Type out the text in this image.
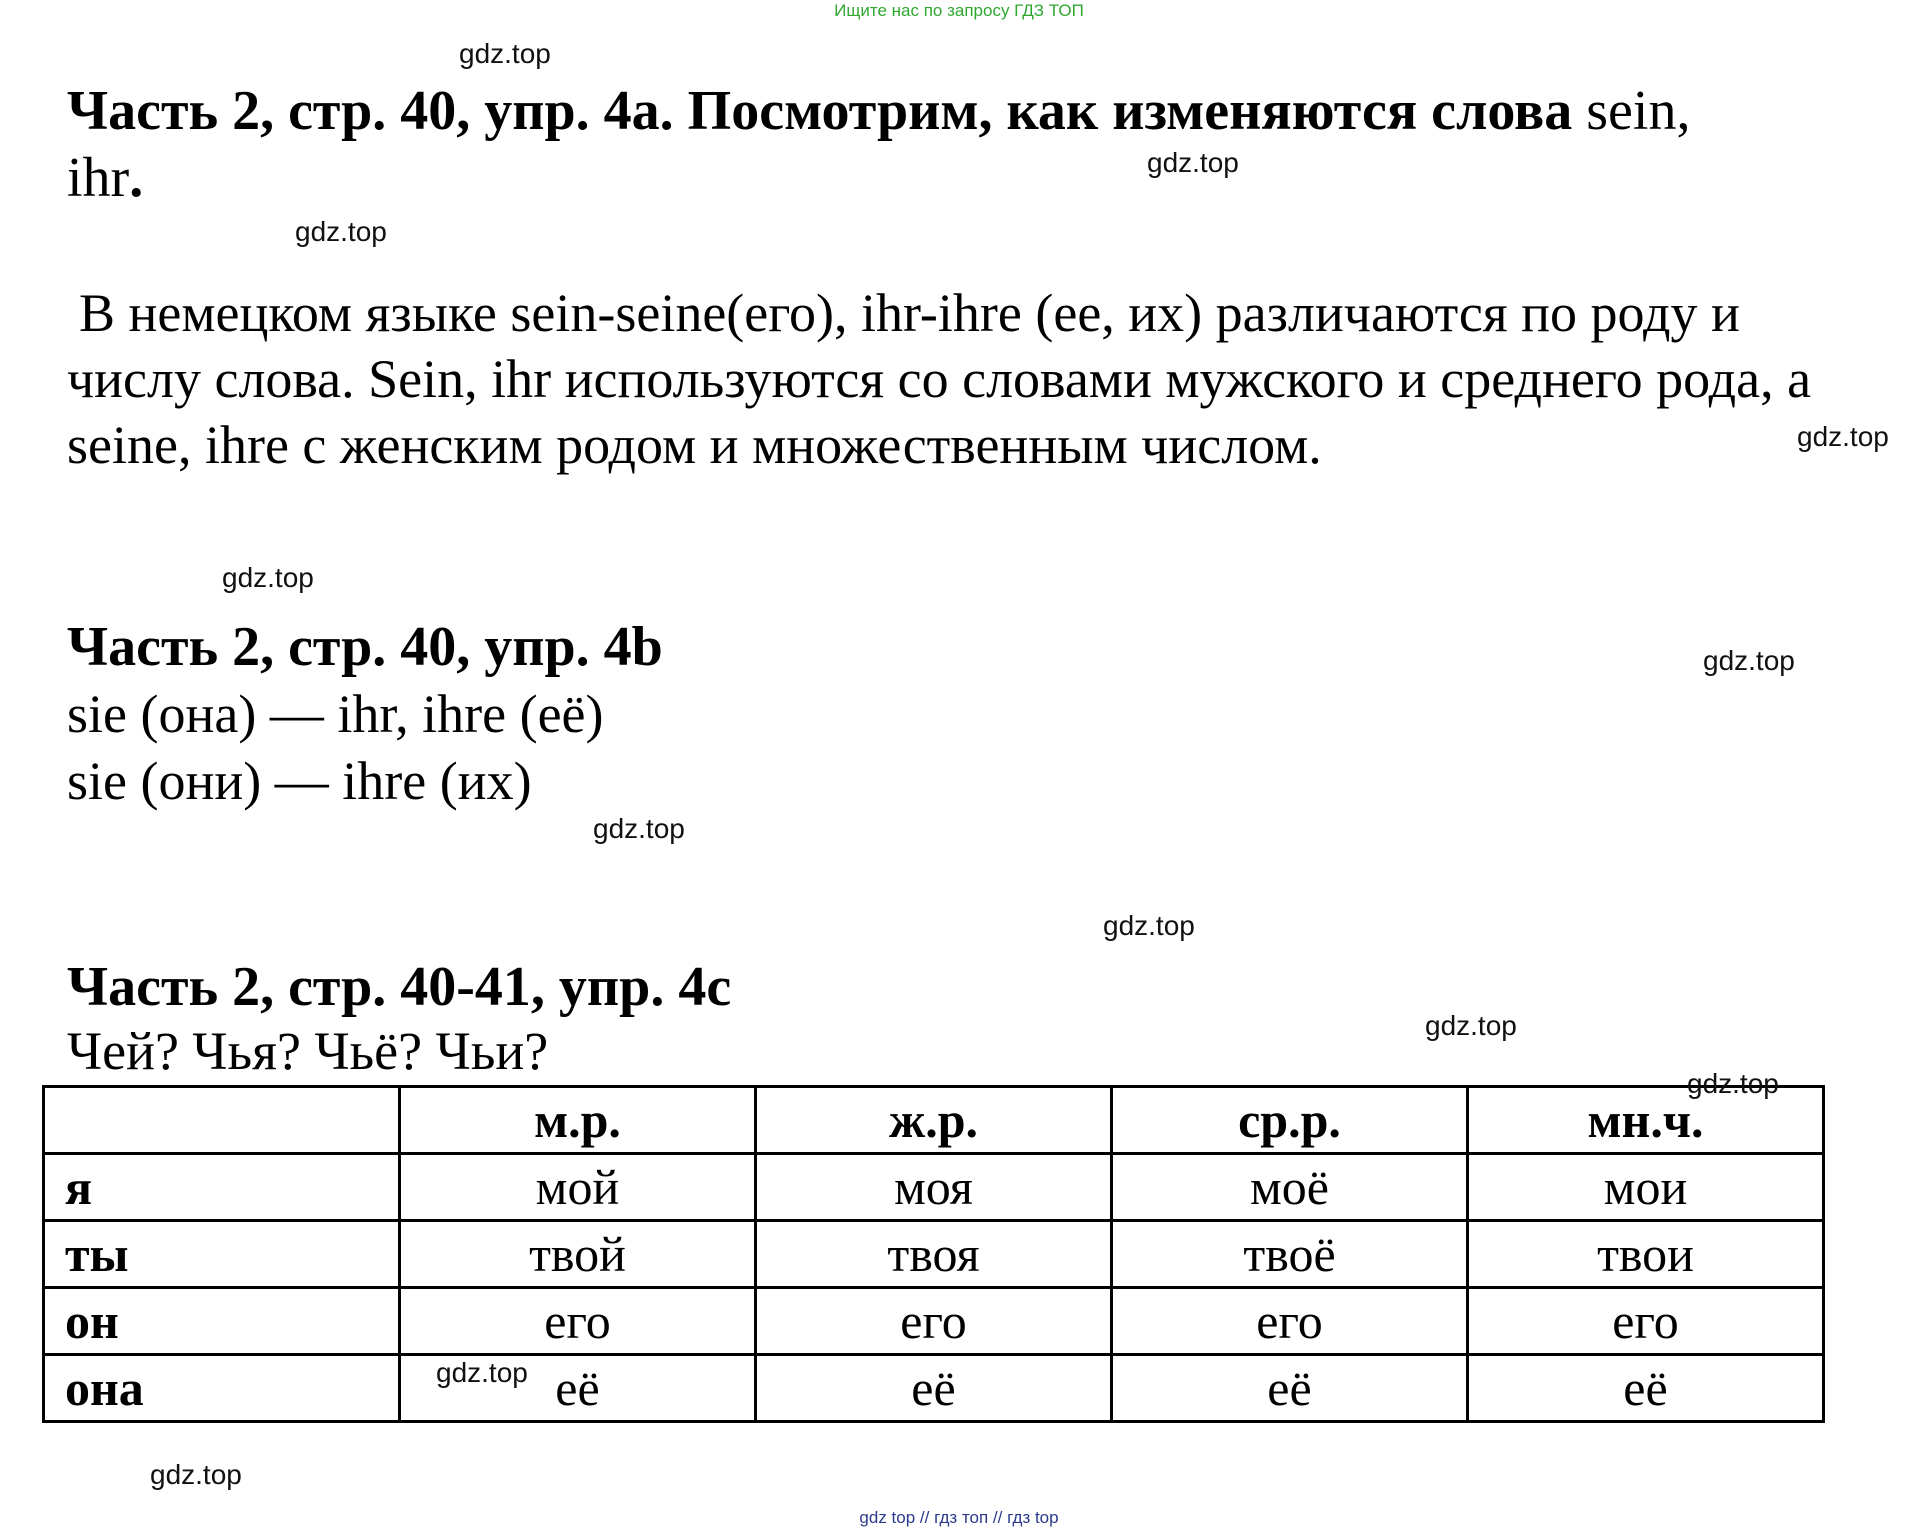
Ищите нас по запросу ГДЗ ТОП
Часть 2, стр. 40, упр. 4а. Посмотрим, как изменяются слова sein,
ihr.
В немецком языке sein-seine(его), ihr-ihre (ее, их) различаются по роду и числу слова. Sein, ihr используются со словами мужского и среднего рода, а seine, ihre с женским родом и множественным числом.
Часть 2, стр. 40, упр. 4b
sie (она) — ihr, ihre (её)
sie (они) — ihre (их)
Часть 2, стр. 40-41, упр. 4с
Чей? Чья? Чьё? Чьи?
	м.р.	ж.р.	ср.р.	мн.ч.
я	мой	моя	моё	мои
ты	твой	твоя	твоё	твои
он	его	его	его	его
она	её	её	её	её
gdz.top
gdz.top
gdz.top
gdz.top
gdz.top
gdz.top
gdz.top
gdz.top
gdz.top
gdz.top
gdz.top
gdz.top
gdz top // гдз топ // гдз top
